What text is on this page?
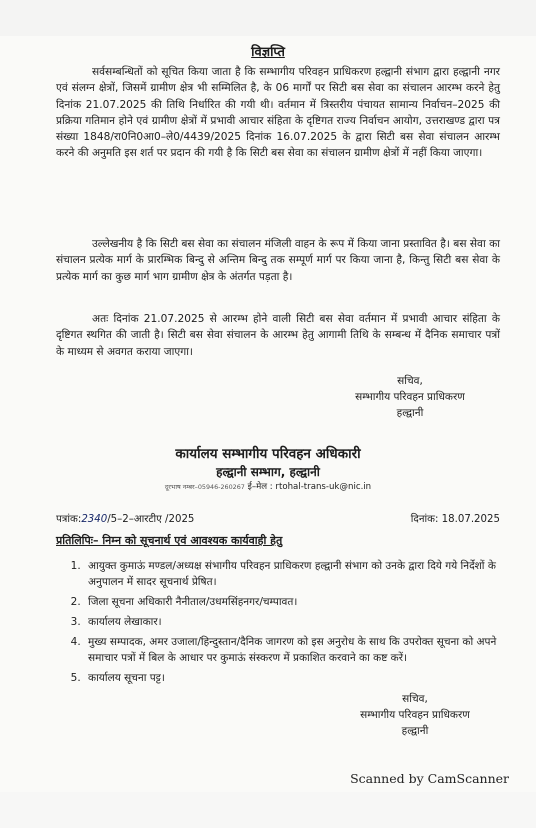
विज्ञप्ति

सर्वसम्बन्धितों को सूचित किया जाता है कि सम्भागीय परिवहन प्राधिकरण हल्द्वानी संभाग द्वारा हल्द्वानी नगर एवं संलग्न क्षेत्रों, जिसमें ग्रामीण क्षेत्र भी सम्मिलित है, के 06 मार्गों पर सिटी बस सेवा का संचालन आरम्भ करने हेतु दिनांक 21.07.2025 की तिथि निर्धारित की गयी थी। वर्तमान में त्रिस्तरीय पंचायत सामान्य निर्वाचन–2025 की प्रक्रिया गतिमान होने एवं ग्रामीण क्षेत्रों में प्रभावी आचार संहिता के दृष्टिगत राज्य निर्वाचन आयोग, उत्तराखण्ड द्वारा पत्र संख्या 1848/रा0नि0आ0–ले0/4439/2025 दिनांक 16.07.2025 के द्वारा सिटी बस सेवा संचालन आरम्भ करने की अनुमति इस शर्त पर प्रदान की गयी है कि सिटी बस सेवा का संचालन ग्रामीण क्षेत्रों में नहीं किया जाएगा।

उल्लेखनीय है कि सिटी बस सेवा का संचालन मंजिली वाहन के रूप में किया जाना प्रस्तावित है। बस सेवा का संचालन प्रत्येक मार्ग के प्रारम्भिक बिन्दु से अन्तिम बिन्दु तक सम्पूर्ण मार्ग पर किया जाना है, किन्तु सिटी बस सेवा के प्रत्येक मार्ग का कुछ मार्ग भाग ग्रामीण क्षेत्र के अंतर्गत पड़ता है।

अतः दिनांक 21.07.2025 से आरम्भ होने वाली सिटी बस सेवा वर्तमान में प्रभावी आचार संहिता के दृष्टिगत स्थगित की जाती है। सिटी बस सेवा संचालन के आरम्भ हेतु आगामी तिथि के सम्बन्ध में दैनिक समाचार पत्रों के माध्यम से अवगत कराया जाएगा।

सचिव,
सम्भागीय परिवहन प्राधिकरण
हल्द्वानी
कार्यालय सम्भागीय परिवहन अधिकारी
हल्द्वानी सम्भाग, हल्द्वानी
दूरभाष नम्बर–05946-260267 ई–मेल : rtohal-trans-uk@nic.in
पत्रांक:2340/5–2–आरटीए /2025	दिनांक: 18.07.2025
प्रतिलिपिः– निम्न को सूचनार्थ एवं आवश्यक कार्यवाही हेतु
1. आयुक्त कुमाऊं मण्डल/अध्यक्ष संभागीय परिवहन प्राधिकरण हल्द्वानी संभाग को उनके द्वारा दिये गये निर्देशों के अनुपालन में सादर सूचनार्थ प्रेषित।
2. जिला सूचना अधिकारी नैनीताल/उधमसिंहनगर/चम्पावत।
3. कार्यालय लेखाकार।
4. मुख्य सम्पादक, अमर उजाला/हिन्दुस्तान/दैनिक जागरण को इस अनुरोध के साथ कि उपरोक्त सूचना को अपने समाचार पत्रों में बिल के आधार पर कुमाऊं संस्करण में प्रकाशित करवाने का कष्ट करें।
5. कार्यालय सूचना पट्ट।
सचिव,
सम्भागीय परिवहन प्राधिकरण
हल्द्वानी
Scanned by CamScanner
